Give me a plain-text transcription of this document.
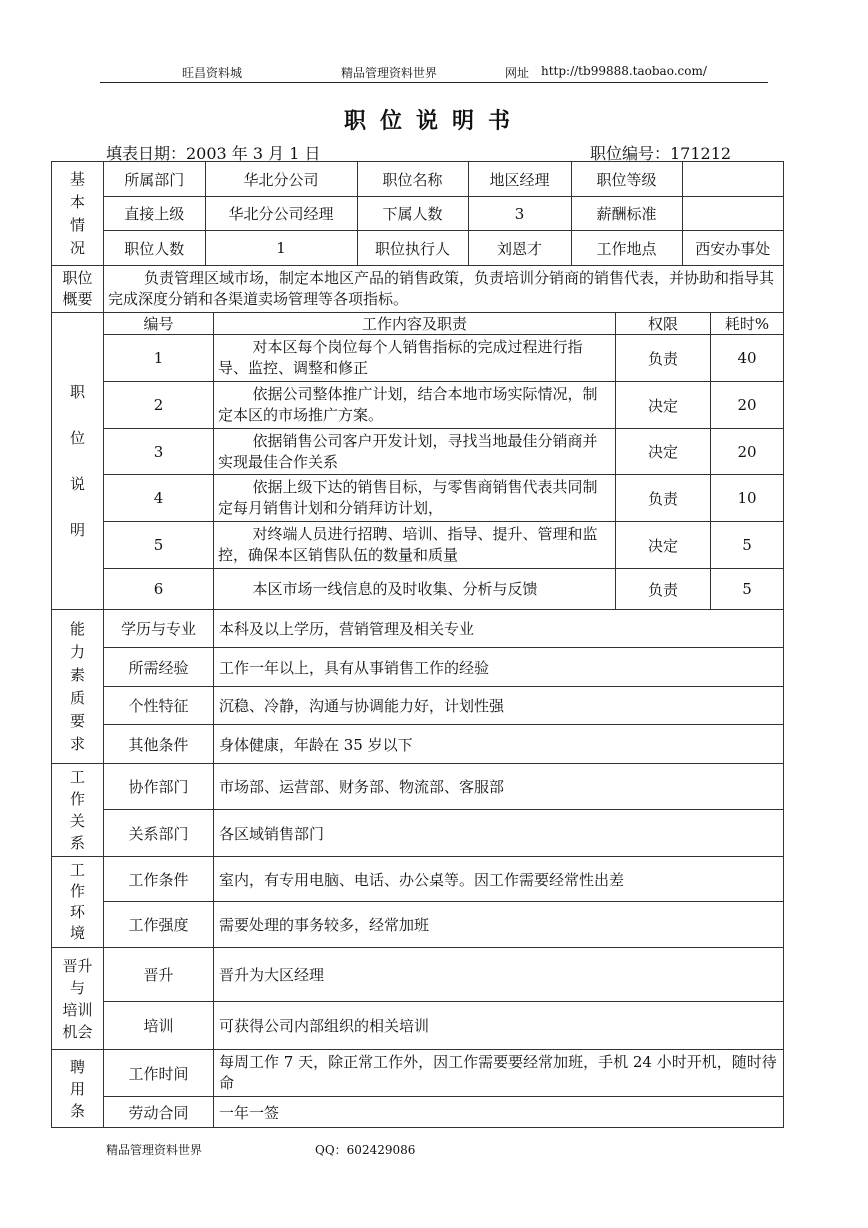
旺昌资料城	精品管理资料世界	网址 http://tb99888.taobao.com/
职位说明书
填表日期：2003 年 3 月 1 日	职位编号：171212
基本情况

所属部门	华北分公司	职位名称	地区经理	职位等级	

直接上级	华北分公司经理	下属人数	3	薪酬标准	

职位人数	1	职位执行人	刘恩才	工作地点	西安办事处

职位概要
	负责管理区域市场，制定本地区产品的销售政策，负责培训分销商的销售代表，并协助和指导其完成深度分销和各渠道卖场管理等各项指标。

职位说明
	编号	工作内容及职责	权限	耗时%
1	对本区每个岗位每个人销售指标的完成过程进行指导、监控、调整和修正	负责	40
2	依据公司整体推广计划，结合本地市场实际情况，制定本区的市场推广方案。	决定	20
3	依据销售公司客户开发计划，寻找当地最佳分销商并实现最佳合作关系	决定	20
4	依据上级下达的销售目标，与零售商销售代表共同制定每月销售计划和分销拜访计划，	负责	10
5	对终端人员进行招聘、培训、指导、提升、管理和监控，确保本区销售队伍的数量和质量	决定	5
6	本区市场一线信息的及时收集、分析与反馈	负责	5

能力素质要求
	学历与专业	本科及以上学历，营销管理及相关专业
所需经验	工作一年以上，具有从事销售工作的经验
个性特征	沉稳、冷静，沟通与协调能力好，计划性强
其他条件	身体健康，年龄在 35 岁以下

工作关系
	协作部门	市场部、运营部、财务部、物流部、客服部
关系部门	各区域销售部门

工作环境
	工作条件	室内，有专用电脑、电话、办公桌等。因工作需要经常性出差
工作强度	需要处理的事务较多，经常加班

晋升
与
培训
机会
	晋升	晋升为大区经理
培训	可获得公司内部组织的相关培训

聘用条
	工作时间	每周工作 7 天，除正常工作外，因工作需要要经常加班，手机 24 小时开机，随时待命
劳动合同	一年一签
精品管理资料世界	QQ：602429086
